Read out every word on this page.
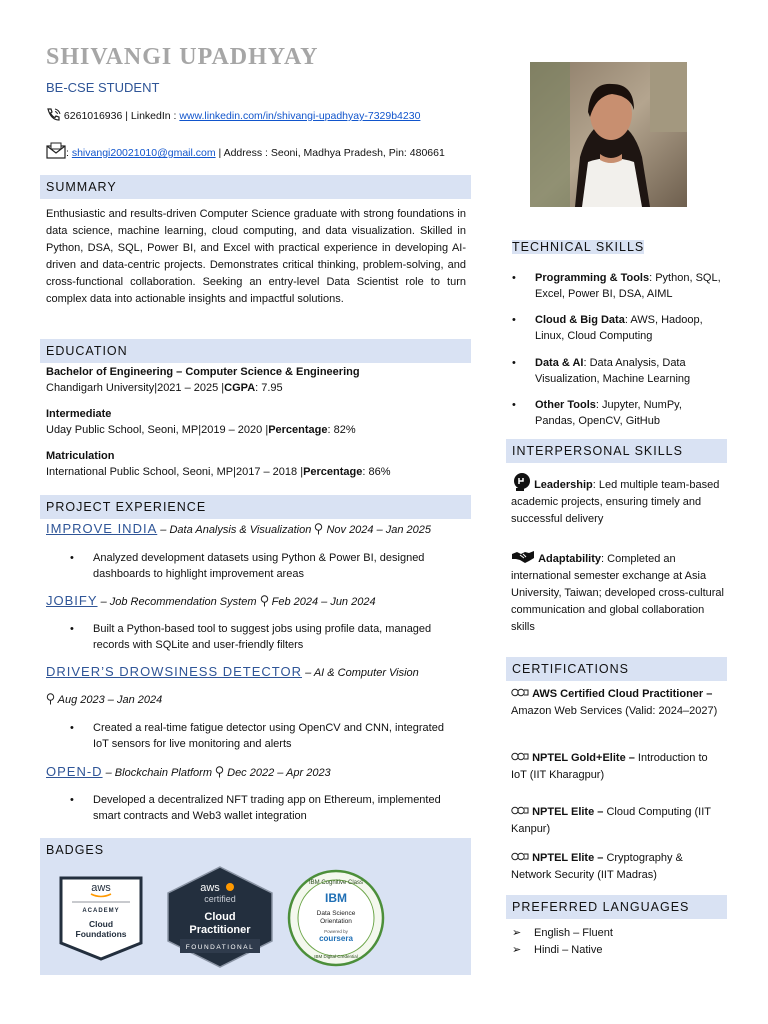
SHIVANGI UPADHYAY
BE-CSE STUDENT
6261016936 | LinkedIn : www.linkedin.com/in/shivangi-upadhyay-7329b4230
: shivangi20021010@gmail.com | Address : Seoni, Madhya Pradesh, Pin: 480661
SUMMARY
Enthusiastic and results-driven Computer Science graduate with strong foundations in data science, machine learning, cloud computing, and data visualization. Skilled in Python, DSA, SQL, Power BI, and Excel with practical experience in developing AI-driven and data-centric projects. Demonstrates critical thinking, problem-solving, and cross-functional collaboration. Seeking an entry-level Data Scientist role to turn complex data into actionable insights and impactful solutions.
EDUCATION
Bachelor of Engineering – Computer Science & Engineering
Chandigarh University|2021 – 2025 |CGPA: 7.95
Intermediate
Uday Public School, Seoni, MP|2019 – 2020 |Percentage: 82%
Matriculation
International Public School, Seoni, MP|2017 – 2018 |Percentage: 86%
PROJECT EXPERIENCE
IMPROVE INDIA – Data Analysis & Visualization
Nov 2024 – Jan 2025
• Analyzed development datasets using Python & Power BI, designed dashboards to highlight improvement areas
JOBIFY – Job Recommendation System
Feb 2024 – Jun 2024
• Built a Python-based tool to suggest jobs using profile data, managed records with SQLite and user-friendly filters
DRIVER’S DROWSINESS DETECTOR – AI & Computer Vision
Aug 2023 – Jan 2024
• Created a real-time fatigue detector using OpenCV and CNN, integrated IoT sensors for live monitoring and alerts
OPEN-D – Blockchain Platform
Dec 2022 – Apr 2023
• Developed a decentralized NFT trading app on Ethereum, implemented smart contracts and Web3 wallet integration
BADGES
aws
ACADEMY
Cloud
Foundations
aws
certified
Cloud
Practitioner
FOUNDATIONAL
IBM Cognitive Class
IBM
Data Science
Orientation
Powered by
coursera
IBM Digital Credential
TECHNICAL SKILLS
• Programming & Tools: Python, SQL, Excel, Power BI, DSA, AIML
• Cloud & Big Data: AWS, Hadoop, Linux, Cloud Computing
• Data & AI: Data Analysis, Data Visualization, Machine Learning
• Other Tools: Jupyter, NumPy, Pandas, OpenCV, GitHub
INTERPERSONAL SKILLS
Leadership: Led multiple team-based academic projects, ensuring timely and successful delivery
Adaptability: Completed an international semester exchange at Asia University, Taiwan; developed cross-cultural communication and global collaboration skills
CERTIFICATIONS
AWS Certified Cloud Practitioner – Amazon Web Services (Valid: 2024–2027)
NPTEL Gold+Elite – Introduction to IoT (IIT Kharagpur)
NPTEL Elite – Cloud Computing (IIT Kanpur)
NPTEL Elite – Cryptography & Network Security (IIT Madras)
PREFERRED LANGUAGES
➢ English – Fluent
➢ Hindi – Native
